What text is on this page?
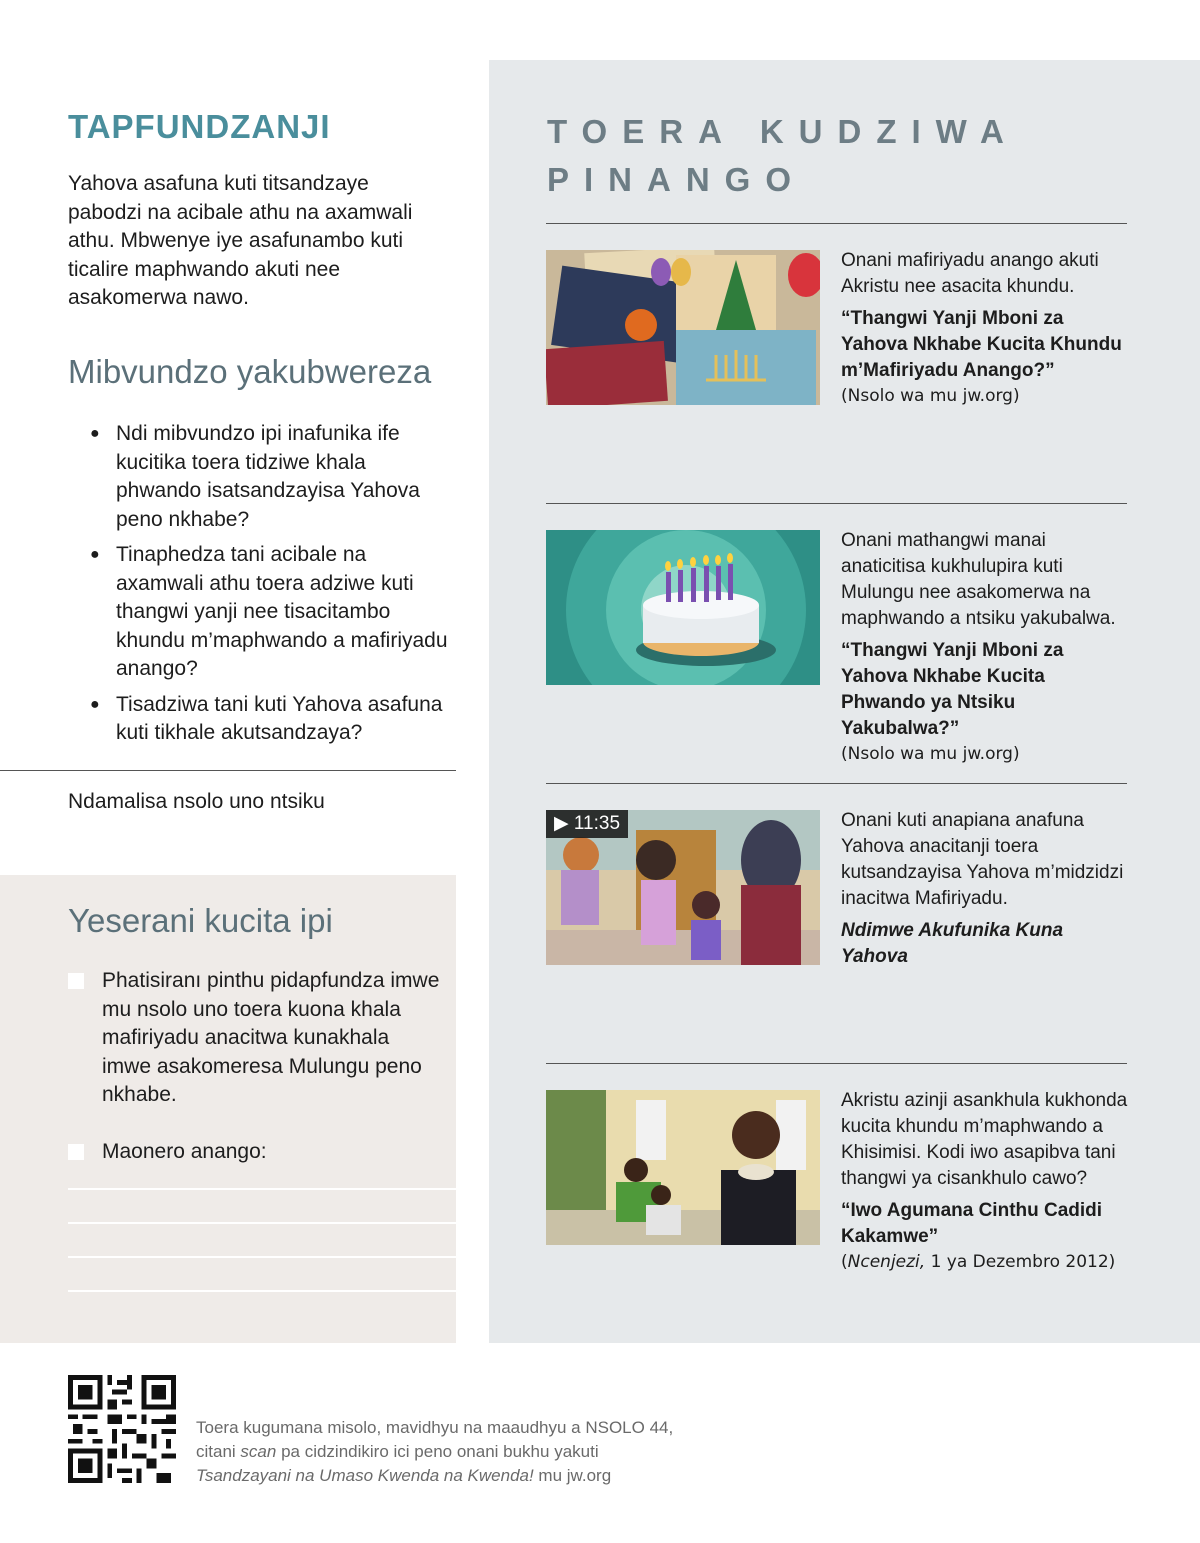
TAPFUNDZANJI
Yahova asafuna kuti titsandzaye pabodzi na acibale athu na axamwali athu. Mbwenye iye asafunambo kuti ticalire maphwando akuti nee asakomerwa nawo.
Mibvundzo yakubwereza
● Ndi mibvundzo ipi inafunika ife kucitika toera tidziwe khala phwando isatsandzayisa Yahova peno nkhabe?
● Tinaphedza tani acibale na axamwali athu toera adziwe kuti thangwi yanji nee tisacitambo khundu m’maphwando a mafiriyadu anango?
● Tisadziwa tani kuti Yahova asafuna kuti tikhale akutsandzaya?
Ndamalisa nsolo uno ntsiku
Yeserani kucita ipi
Phatisiranı pinthu pidapfundza imwe mu nsolo uno toera kuona khala mafiriyadu anacitwa kunakhala imwe asakomeresa Mulungu peno nkhabe.
Maonero anango:
TOERA KUDZIWA PINANGO
Onani mafiriyadu anango akuti Akristu nee asacita khundu.
“Thangwi Yanji Mboni za Yahova Nkhabe Kucita Khundu m’Mafiriyadu Anango?”
(Nsolo wa mu jw.org)
Onani mathangwi manai anaticitisa kukhulupira kuti Mulungu nee asakomerwa na maphwando a ntsiku yakubalwa.
“Thangwi Yanji Mboni za Yahova Nkhabe Kucita Phwando ya Ntsiku Yakubalwa?”
(Nsolo wa mu jw.org)
▶ 11:35	Onani kuti anapiana anafuna Yahova anacitanji toera kutsandzayisa Yahova m’midzidzi inacitwa Mafiriyadu.
Ndimwe Akufunika Kuna Yahova
Akristu azinji asankhula kukhonda kucita khundu m’maphwando a Khisimisi. Kodi iwo asapibva tani thangwi ya cisankhulo cawo?
“Iwo Agumana Cinthu Cadidi Kakamwe”
(Ncenjezi, 1 ya Dezembro 2012)
Toera kugumana misolo, mavidhyu na maaudhyu a NSOLO 44,
citani scan pa cidzindikiro ici peno onani bukhu yakuti
Tsandzayani na Umaso Kwenda na Kwenda! mu jw.org
